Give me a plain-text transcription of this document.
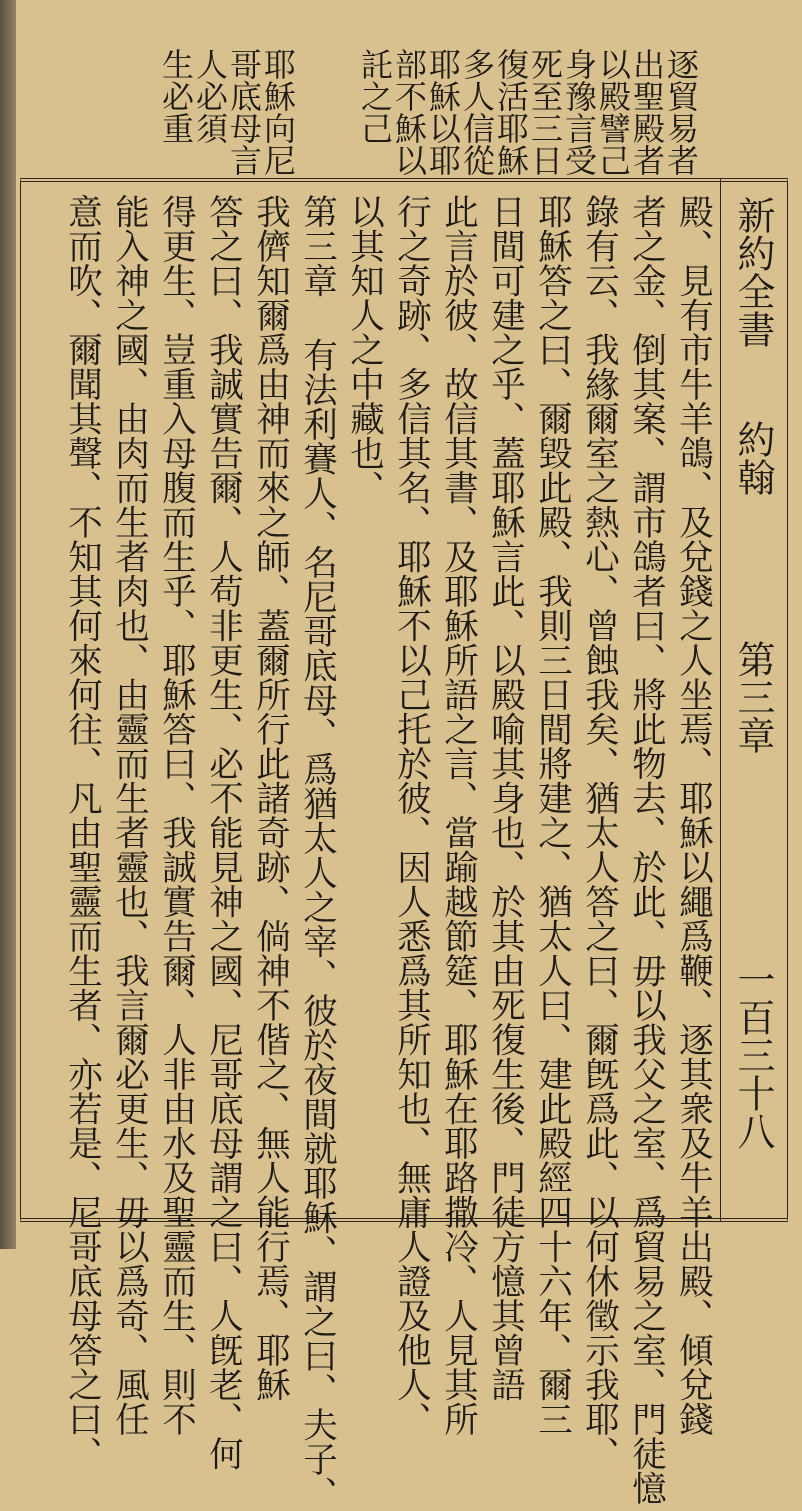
逐貿易者
出聖殿者
以殿譬己
身豫言受
死至三日
復活耶穌
多人信從
耶穌以耶
部不穌以
託之己
耶穌向尼
哥底母言
人必須
生必重
新約全書
約翰
第三章
一百三十八
殿、見有市牛羊鴿、及兌錢之人坐焉、耶穌以繩爲鞭、逐其衆及牛羊出殿、傾兌錢
者之金、倒其案、謂市鴿者曰、將此物去、於此、毋以我父之室、爲貿易之室、門徒憶
錄有云、我緣爾室之熱心、曾蝕我矣、猶太人答之曰、爾旣爲此、以何休徵示我耶、
耶穌答之曰、爾毀此殿、我則三日間將建之、猶太人曰、建此殿經四十六年、爾三
日間可建之乎、蓋耶穌言此、以殿喻其身也、於其由死復生後、門徒方憶其曾語
此言於彼、故信其書、及耶穌所語之言、當踰越節筵、耶穌在耶路撒冷、人見其所
行之奇跡、多信其名、耶穌不以己托於彼、因人悉爲其所知也、無庸人證及他人、
以其知人之中藏也、
第三章 有法利賽人、名尼哥底母、爲猶太人之宰、彼於夜間就耶穌、謂之曰、夫子、
我儕知爾爲由神而來之師、蓋爾所行此諸奇跡、倘神不偕之、無人能行焉、耶穌
答之曰、我誠實告爾、人苟非更生、必不能見神之國、尼哥底母謂之曰、人旣老、何
得更生、豈重入母腹而生乎、耶穌答曰、我誠實告爾、人非由水及聖靈而生、則不
能入神之國、由肉而生者肉也、由靈而生者靈也、我言爾必更生、毋以爲奇、風任
意而吹、爾聞其聲、不知其何來何往、凡由聖靈而生者、亦若是、尼哥底母答之曰、
